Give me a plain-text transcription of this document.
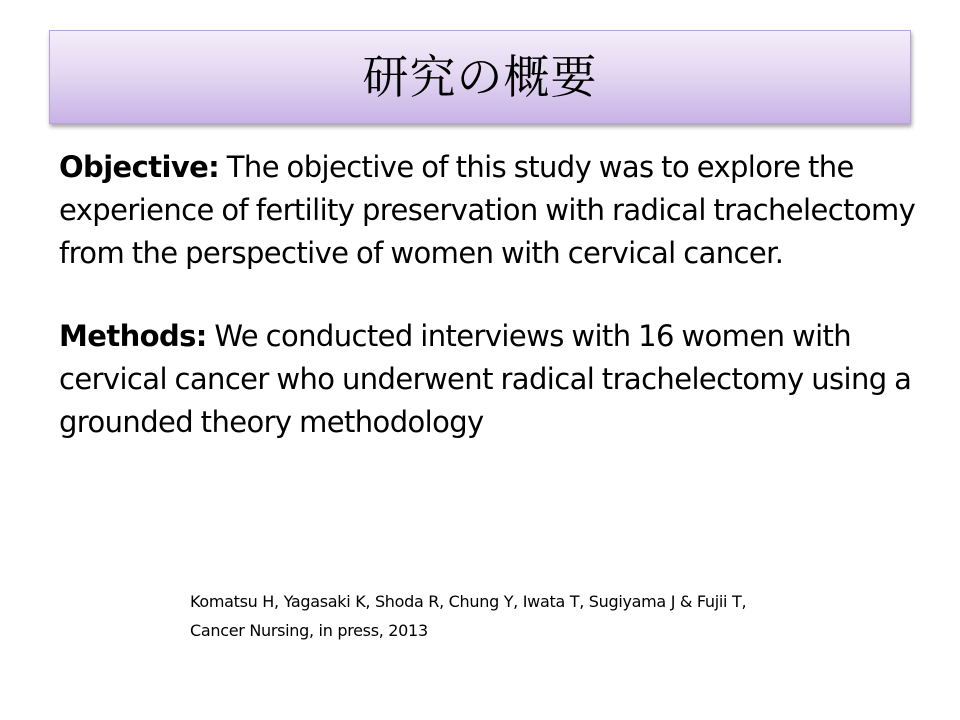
研究の概要

Objective: The objective of this study was to explore the experience of fertility preservation with radical trachelectomy from the perspective of women with cervical cancer.

Methods: We conducted interviews with 16 women with cervical cancer who underwent radical trachelectomy using a grounded theory methodology

Komatsu H, Yagasaki K, Shoda R, Chung Y, Iwata T, Sugiyama J & Fujii T,
Cancer Nursing, in press, 2013
